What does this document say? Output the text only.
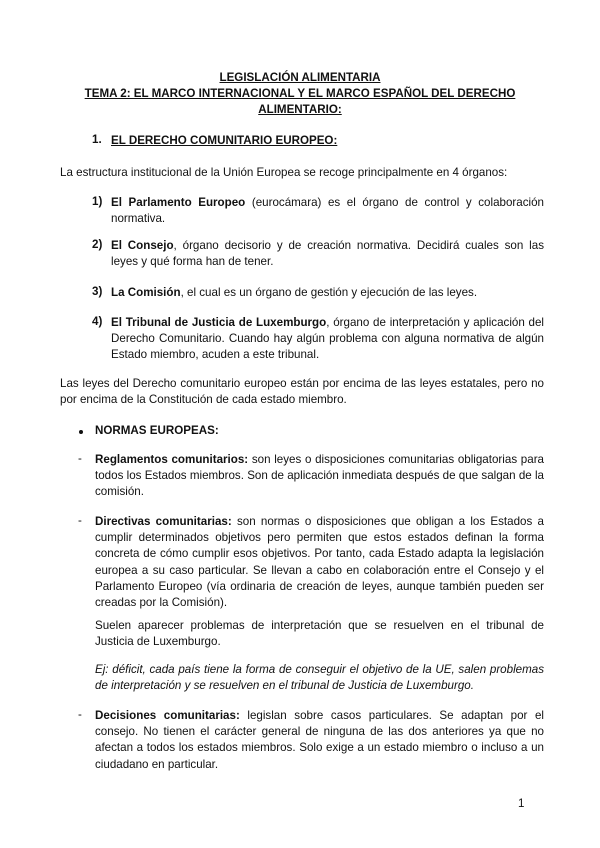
LEGISLACIÓN ALIMENTARIA
TEMA 2: EL MARCO INTERNACIONAL Y EL MARCO ESPAÑOL DEL DERECHO
ALIMENTARIO:
1. EL DERECHO COMUNITARIO EUROPEO:
La estructura institucional de la Unión Europea se recoge principalmente en 4 órganos:
1) El Parlamento Europeo (eurocámara) es el órgano de control y colaboración normativa.
2) El Consejo, órgano decisorio y de creación normativa. Decidirá cuales son las leyes y qué forma han de tener.
3) La Comisión, el cual es un órgano de gestión y ejecución de las leyes.
4) El Tribunal de Justicia de Luxemburgo, órgano de interpretación y aplicación del Derecho Comunitario. Cuando hay algún problema con alguna normativa de algún Estado miembro, acuden a este tribunal.
Las leyes del Derecho comunitario europeo están por encima de las leyes estatales, pero no por encima de la Constitución de cada estado miembro.
NORMAS EUROPEAS:
- Reglamentos comunitarios: son leyes o disposiciones comunitarias obligatorias para todos los Estados miembros. Son de aplicación inmediata después de que salgan de la comisión.
- Directivas comunitarias: son normas o disposiciones que obligan a los Estados a cumplir determinados objetivos pero permiten que estos estados definan la forma concreta de cómo cumplir esos objetivos. Por tanto, cada Estado adapta la legislación europea a su caso particular. Se llevan a cabo en colaboración entre el Consejo y el Parlamento Europeo (vía ordinaria de creación de leyes, aunque también pueden ser creadas por la Comisión).
Suelen aparecer problemas de interpretación que se resuelven en el tribunal de Justicia de Luxemburgo.
Ej: déficit, cada país tiene la forma de conseguir el objetivo de la UE, salen problemas de interpretación y se resuelven en el tribunal de Justicia de Luxemburgo.
- Decisiones comunitarias: legislan sobre casos particulares. Se adaptan por el consejo. No tienen el carácter general de ninguna de las dos anteriores ya que no afectan a todos los estados miembros. Solo exige a un estado miembro o incluso a un ciudadano en particular.
1
